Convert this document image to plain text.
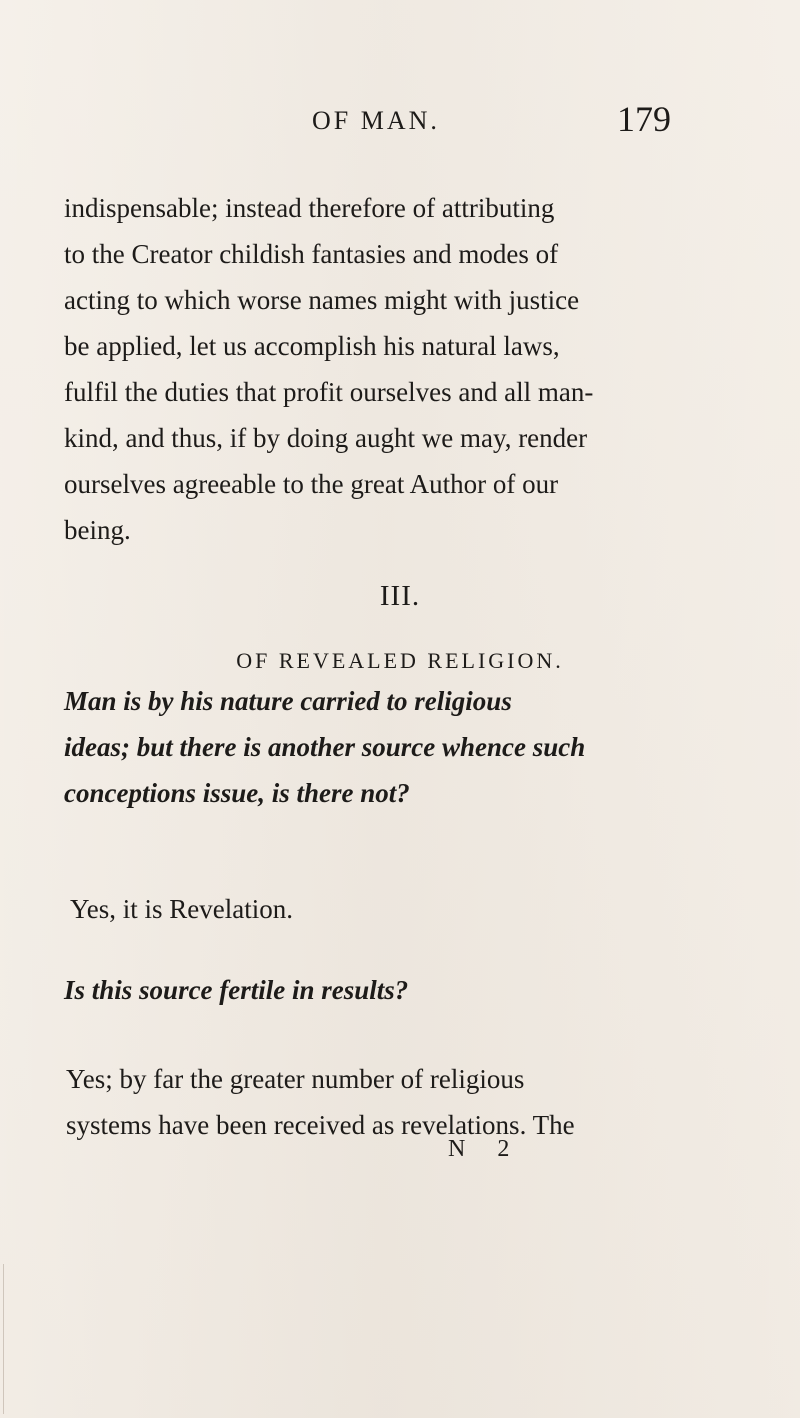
OF MAN.	179
indispensable; instead therefore of attributing
to the Creator childish fantasies and modes of
acting to which worse names might with justice
be applied, let us accomplish his natural laws,
fulfil the duties that profit ourselves and all man-
kind, and thus, if by doing aught we may, render
ourselves agreeable to the great Author of our
being.
III.
OF REVEALED RELIGION.
Man is by his nature carried to religious
ideas; but there is another source whence such
conceptions issue, is there not?
Yes, it is Revelation.
Is this source fertile in results?
Yes; by far the greater number of religious
systems have been received as revelations. The
N 2
